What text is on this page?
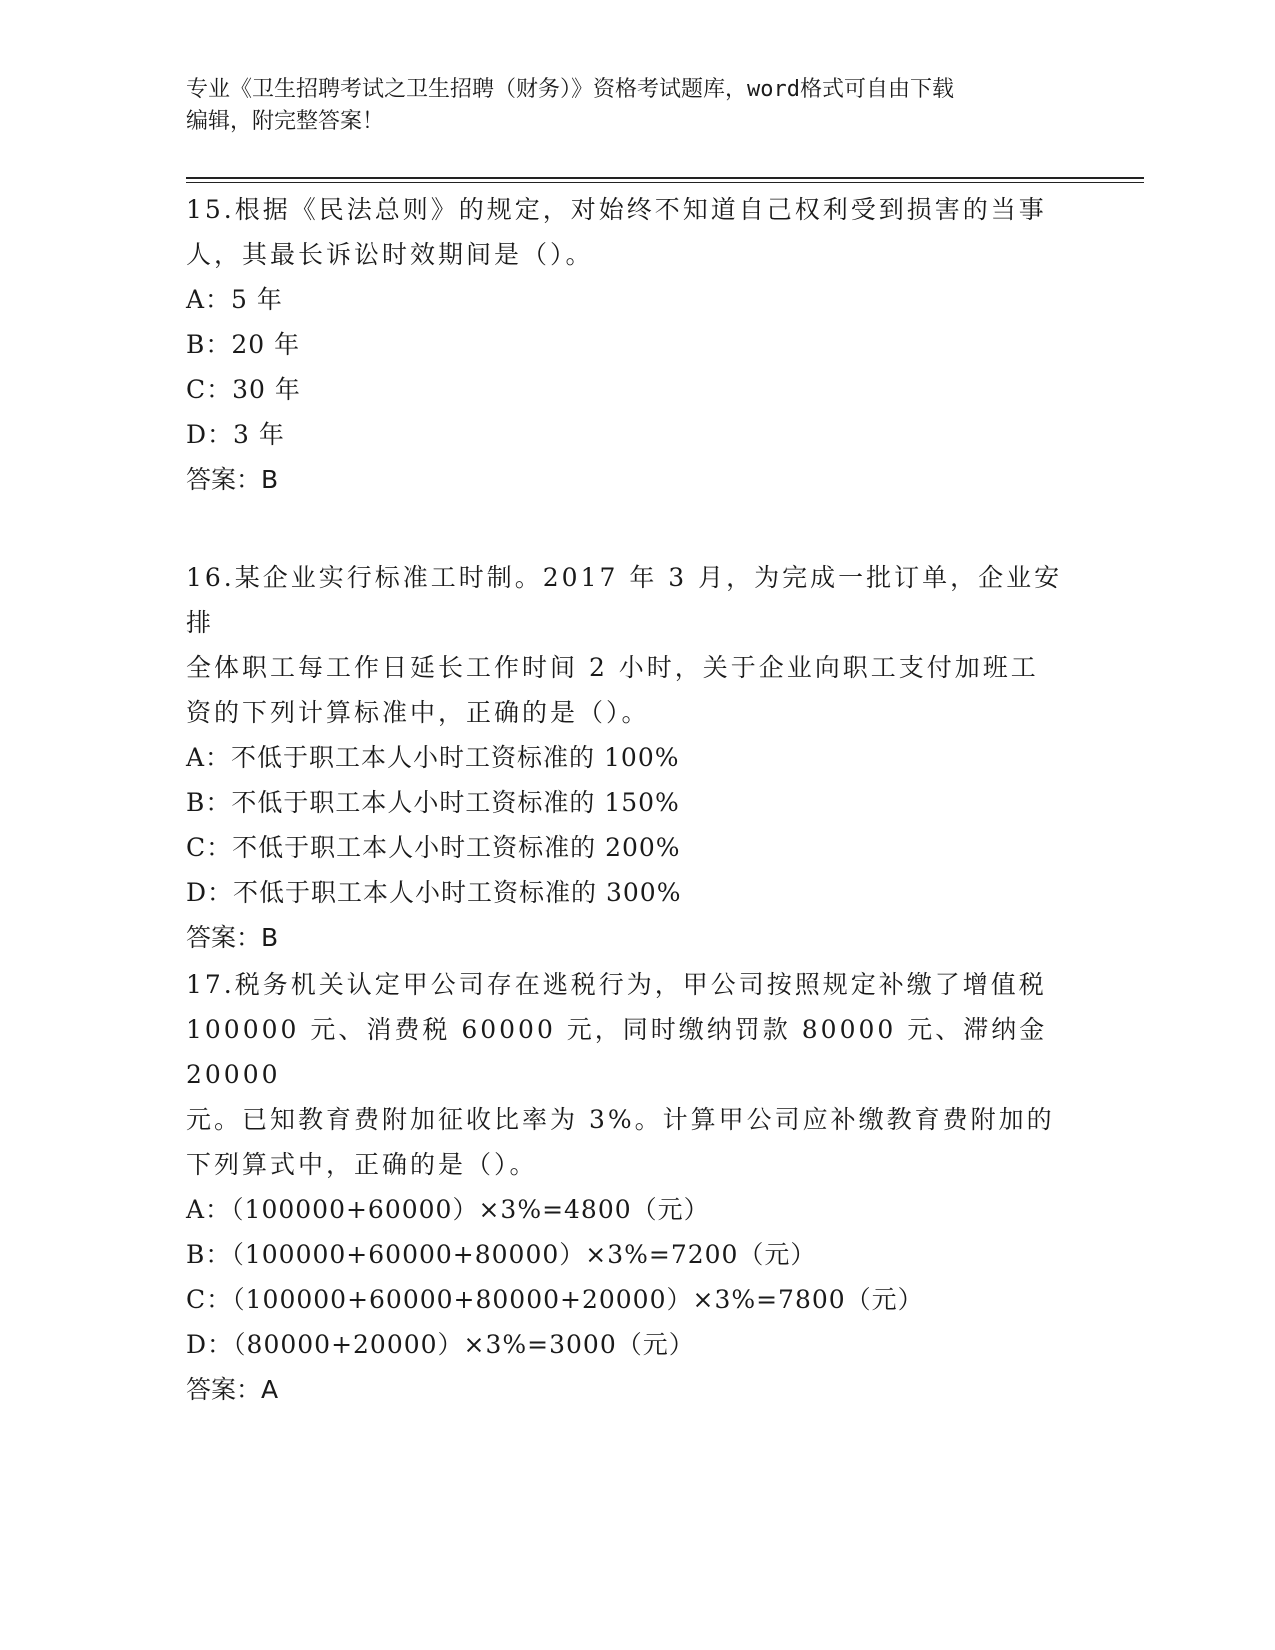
专业《卫生招聘考试之卫生招聘（财务）》资格考试题库，word格式可自由下载
编辑，附完整答案！

15.根据《民法总则》的规定，对始终不知道自己权利受到损害的当事

人，其最长诉讼时效期间是（）。

A：5 年

B：20 年

C：30 年

D：3 年

答案：B

16.某企业实行标准工时制。2017 年 3 月，为完成一批订单，企业安排

全体职工每工作日延长工作时间 2 小时，关于企业向职工支付加班工

资的下列计算标准中，正确的是（）。

A：不低于职工本人小时工资标准的 100%

B：不低于职工本人小时工资标准的 150%

C：不低于职工本人小时工资标准的 200%

D：不低于职工本人小时工资标准的 300%

答案：B

17.税务机关认定甲公司存在逃税行为，甲公司按照规定补缴了增值税

100000 元、消费税 60000 元，同时缴纳罚款 80000 元、滞纳金 20000

元。已知教育费附加征收比率为 3%。计算甲公司应补缴教育费附加的

下列算式中，正确的是（）。

A：（100000+60000）×3%=4800（元）

B：（100000+60000+80000）×3%=7200（元）

C：（100000+60000+80000+20000）×3%=7800（元）

D：（80000+20000）×3%=3000（元）

答案：A
